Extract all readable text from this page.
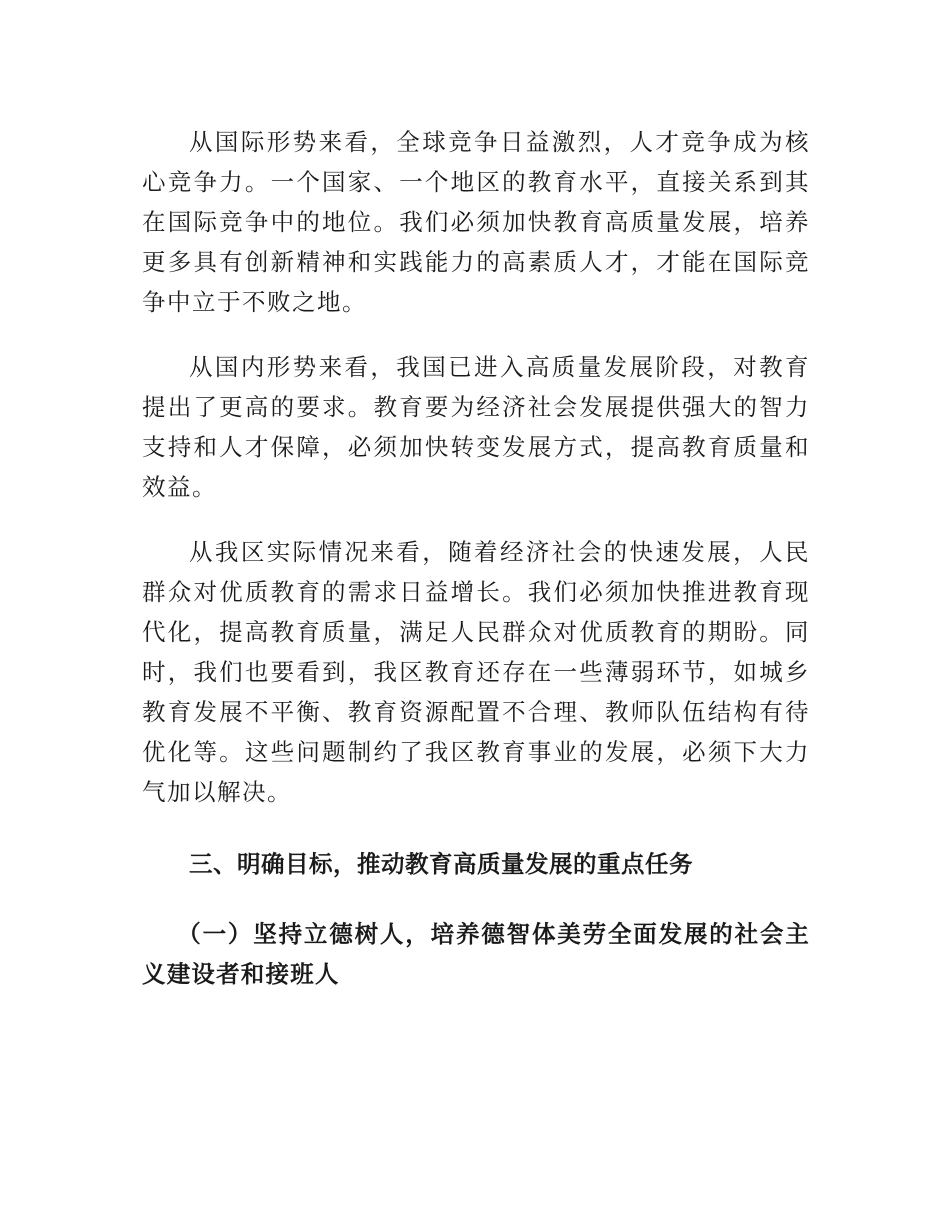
从国际形势来看，全球竞争日益激烈，人才竞争成为核心竞争力。一个国家、一个地区的教育水平，直接关系到其在国际竞争中的地位。我们必须加快教育高质量发展，培养更多具有创新精神和实践能力的高素质人才，才能在国际竞争中立于不败之地。

从国内形势来看，我国已进入高质量发展阶段，对教育提出了更高的要求。教育要为经济社会发展提供强大的智力支持和人才保障，必须加快转变发展方式，提高教育质量和效益。

从我区实际情况来看，随着经济社会的快速发展，人民群众对优质教育的需求日益增长。我们必须加快推进教育现代化，提高教育质量，满足人民群众对优质教育的期盼。同时，我们也要看到，我区教育还存在一些薄弱环节，如城乡教育发展不平衡、教育资源配置不合理、教师队伍结构有待优化等。这些问题制约了我区教育事业的发展，必须下大力气加以解决。

三、明确目标，推动教育高质量发展的重点任务

（一）坚持立德树人，培养德智体美劳全面发展的社会主义建设者和接班人
